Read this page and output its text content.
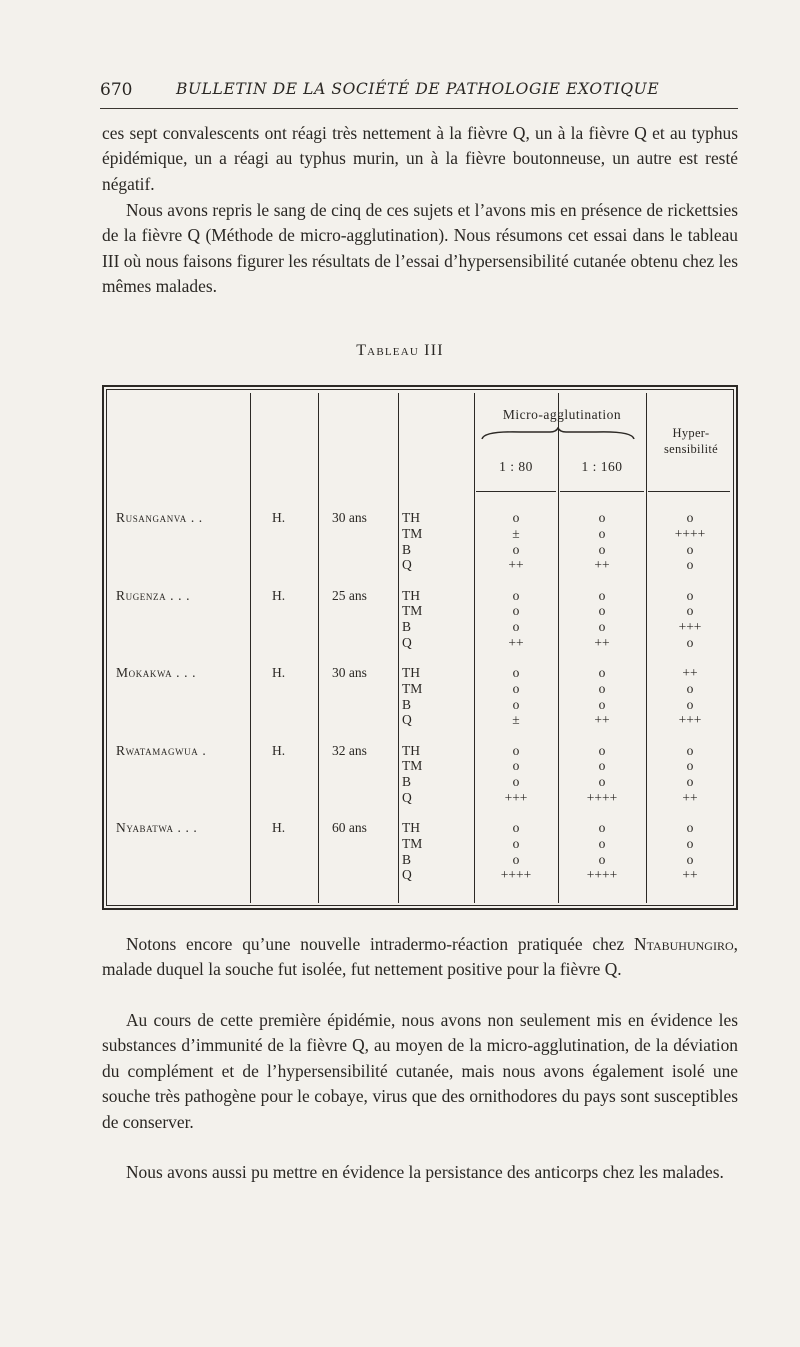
670	BULLETIN DE LA SOCIÉTÉ DE PATHOLOGIE EXOTIQUE

ces sept convalescents ont réagi très nettement à la fièvre Q, un à la fièvre Q et au typhus épidémique, un a réagi au typhus murin, un à la fièvre boutonneuse, un autre est resté négatif.

Nous avons repris le sang de cinq de ces sujets et l’avons mis en présence de rickettsies de la fièvre Q (Méthode de micro-agglutination). Nous résumons cet essai dans le tableau III où nous faisons figurer les résultats de l’essai d’hypersensibilité cutanée obtenu chez les mêmes malades.

Tableau III
Micro-agglutination
Hyper-
sensibilité
1 : 80	1 : 160
Rusanganva . .	H.	30 ans	TH	o	o	o
TM	±	o	++++
B	o	o	o
Q	++	++	o
Rugenza . . .	H.	25 ans	TH	o	o	o
TM	o	o	o
B	o	o	+++
Q	++	++	o
Mokakwa . . .	H.	30 ans	TH	o	o	++
TM	o	o	o
B	o	o	o
Q	±	++	+++
Rwatamagwua .	H.	32 ans	TH	o	o	o
TM	o	o	o
B	o	o	o
Q	+++	++++	++
Nyabatwa . . .	H.	60 ans	TH	o	o	o
TM	o	o	o
B	o	o	o
Q	++++	++++	++

Notons encore qu’une nouvelle intradermo-réaction pratiquée chez Ntabuhungiro, malade duquel la souche fut isolée, fut nettement positive pour la fièvre Q.

Au cours de cette première épidémie, nous avons non seulement mis en évidence les substances d’immunité de la fièvre Q, au moyen de la micro-agglutination, de la déviation du complément et de l’hypersensibilité cutanée, mais nous avons également isolé une souche très pathogène pour le cobaye, virus que des ornithodores du pays sont susceptibles de conserver.

Nous avons aussi pu mettre en évidence la persistance des anticorps chez les malades.
